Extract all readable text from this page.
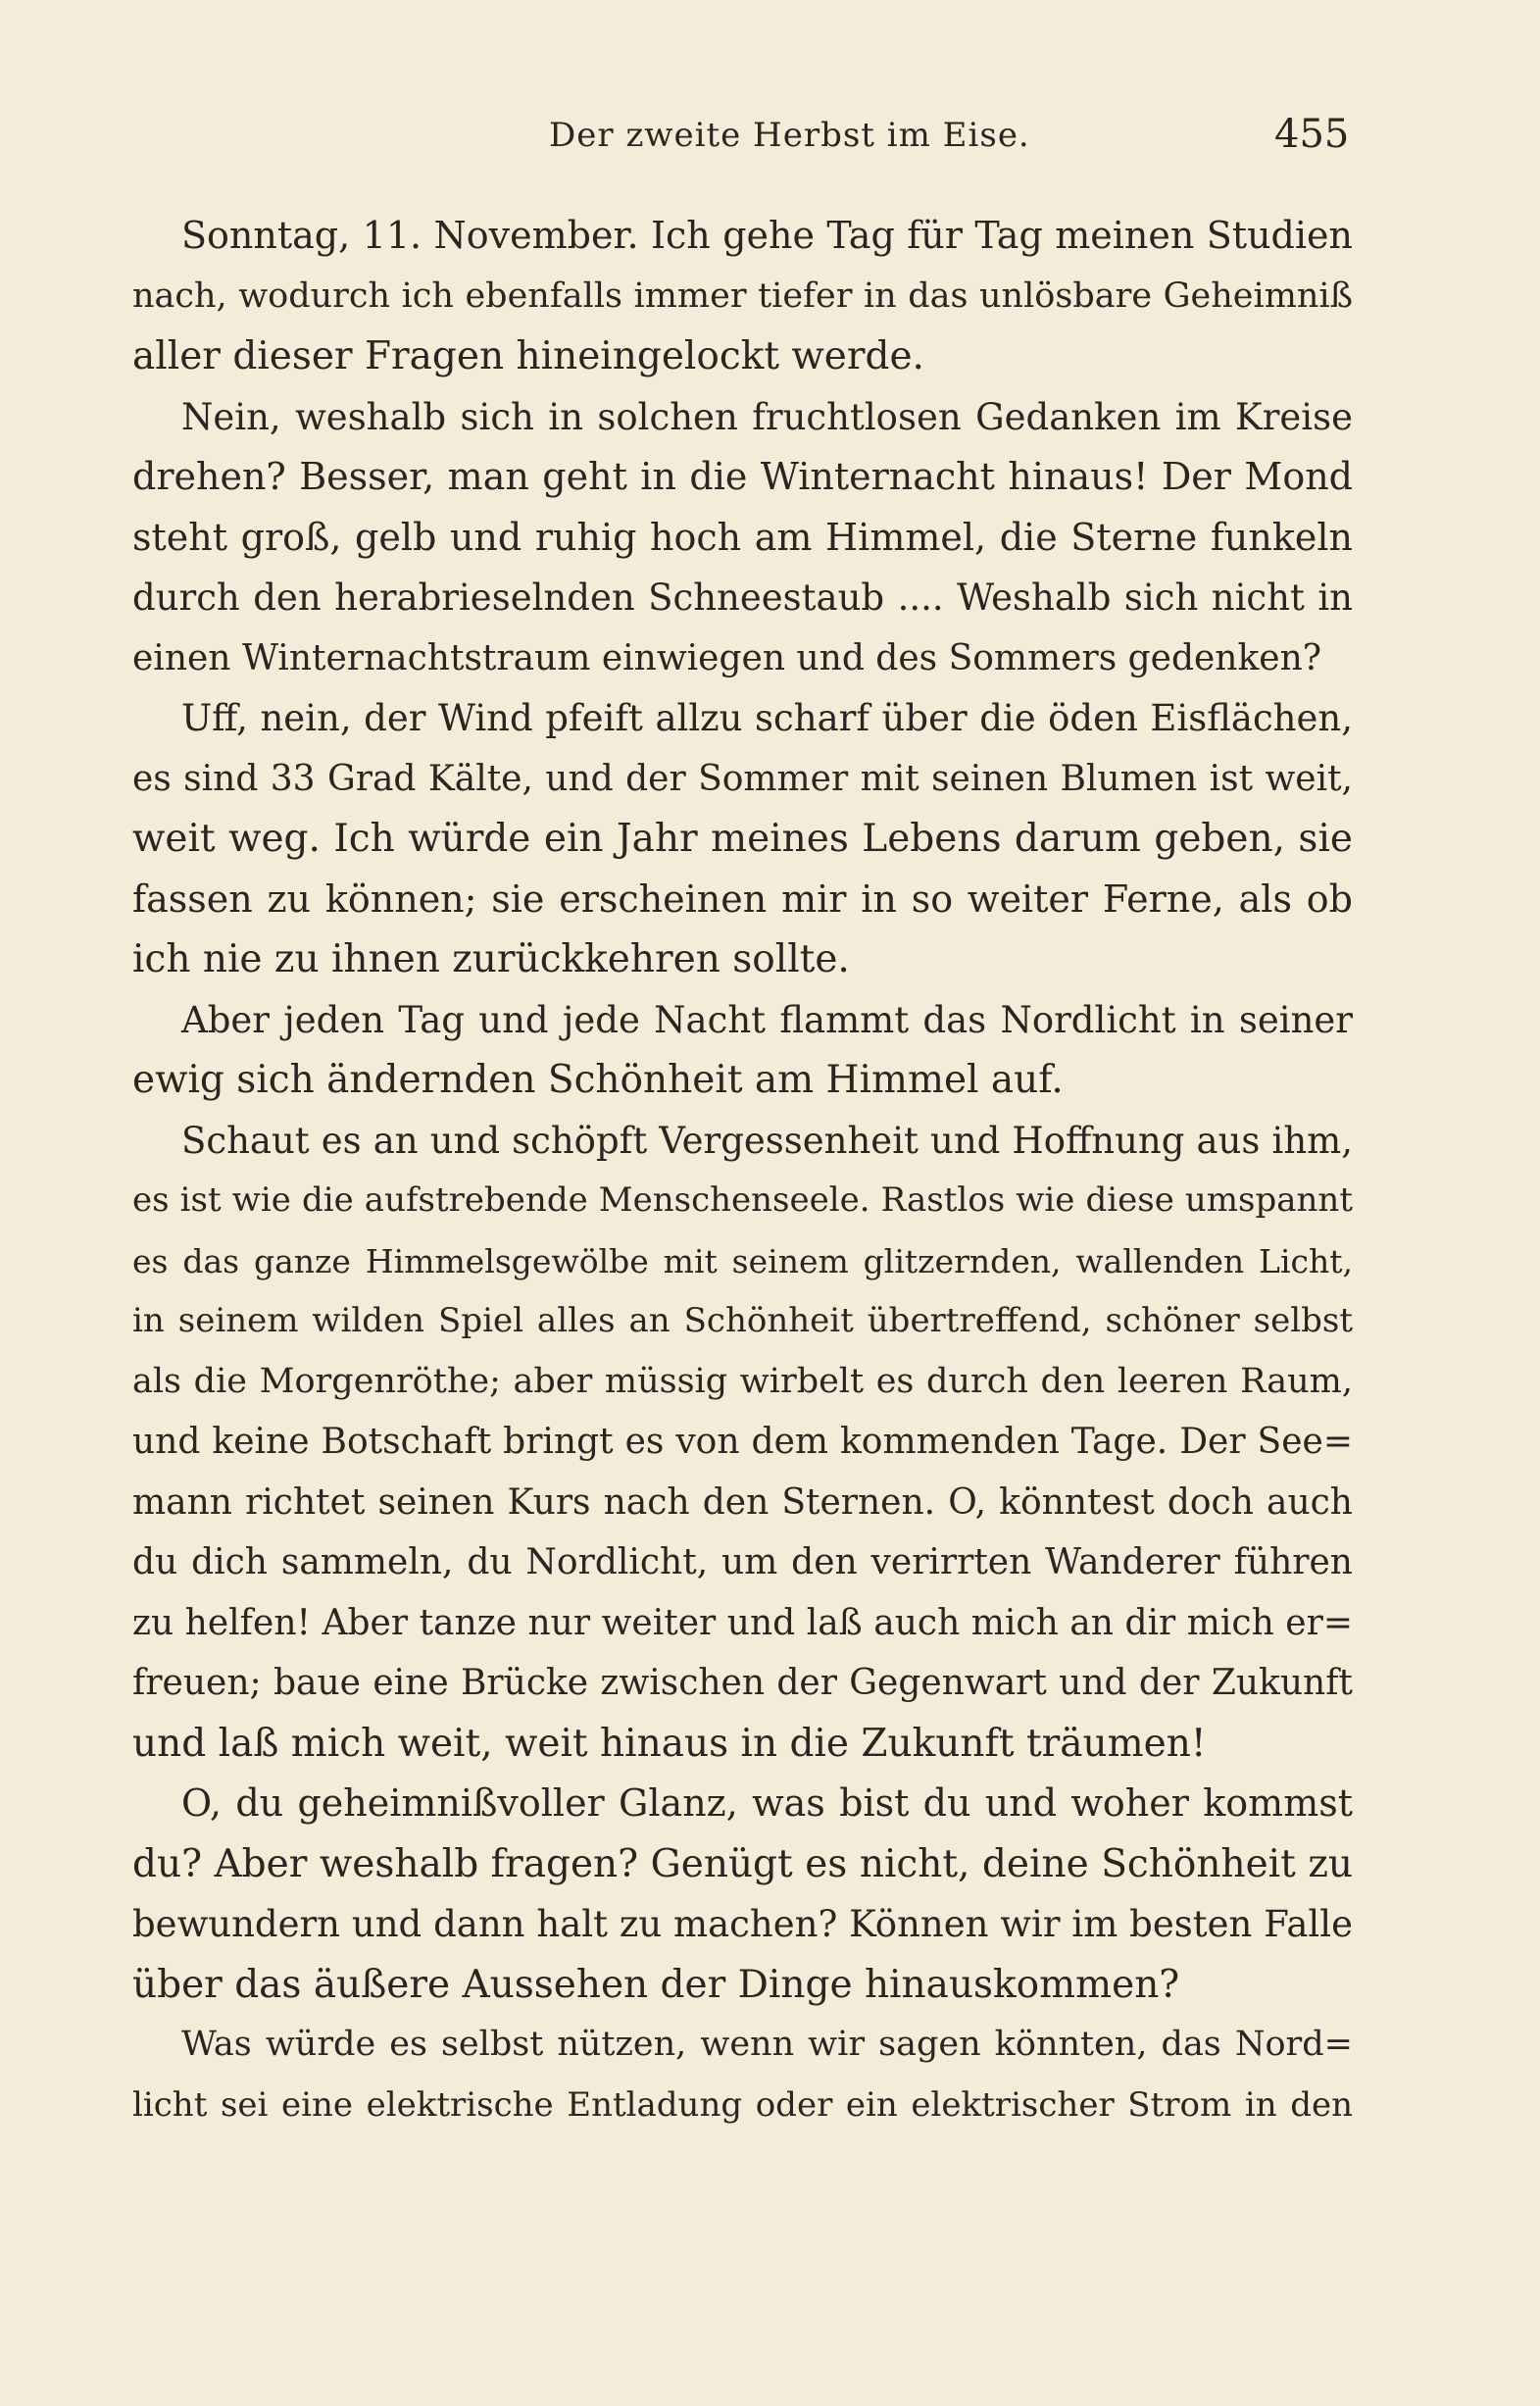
Der zweite Herbst im Eise.	455
Sonntag, 11. November. Ich gehe Tag für Tag meinen Studien
nach, wodurch ich ebenfalls immer tiefer in das unlösbare Geheimniß
aller dieser Fragen hineingelockt werde.
Nein, weshalb sich in solchen fruchtlosen Gedanken im Kreise
drehen? Besser, man geht in die Winternacht hinaus! Der Mond
steht groß, gelb und ruhig hoch am Himmel, die Sterne funkeln
durch den herabrieselnden Schneestaub .... Weshalb sich nicht in
einen Winternachtstraum einwiegen und des Sommers gedenken?
Uff, nein, der Wind pfeift allzu scharf über die öden Eisflächen,
es sind 33 Grad Kälte, und der Sommer mit seinen Blumen ist weit,
weit weg. Ich würde ein Jahr meines Lebens darum geben, sie
fassen zu können; sie erscheinen mir in so weiter Ferne, als ob
ich nie zu ihnen zurückkehren sollte.
Aber jeden Tag und jede Nacht flammt das Nordlicht in seiner
ewig sich ändernden Schönheit am Himmel auf.
Schaut es an und schöpft Vergessenheit und Hoffnung aus ihm,
es ist wie die aufstrebende Menschenseele. Rastlos wie diese umspannt
es das ganze Himmelsgewölbe mit seinem glitzernden, wallenden Licht,
in seinem wilden Spiel alles an Schönheit übertreffend, schöner selbst
als die Morgenröthe; aber müssig wirbelt es durch den leeren Raum,
und keine Botschaft bringt es von dem kommenden Tage. Der See=
mann richtet seinen Kurs nach den Sternen. O, könntest doch auch
du dich sammeln, du Nordlicht, um den verirrten Wanderer führen
zu helfen! Aber tanze nur weiter und laß auch mich an dir mich er=
freuen; baue eine Brücke zwischen der Gegenwart und der Zukunft
und laß mich weit, weit hinaus in die Zukunft träumen!
O, du geheimnißvoller Glanz, was bist du und woher kommst
du? Aber weshalb fragen? Genügt es nicht, deine Schönheit zu
bewundern und dann halt zu machen? Können wir im besten Falle
über das äußere Aussehen der Dinge hinauskommen?
Was würde es selbst nützen, wenn wir sagen könnten, das Nord=
licht sei eine elektrische Entladung oder ein elektrischer Strom in den
